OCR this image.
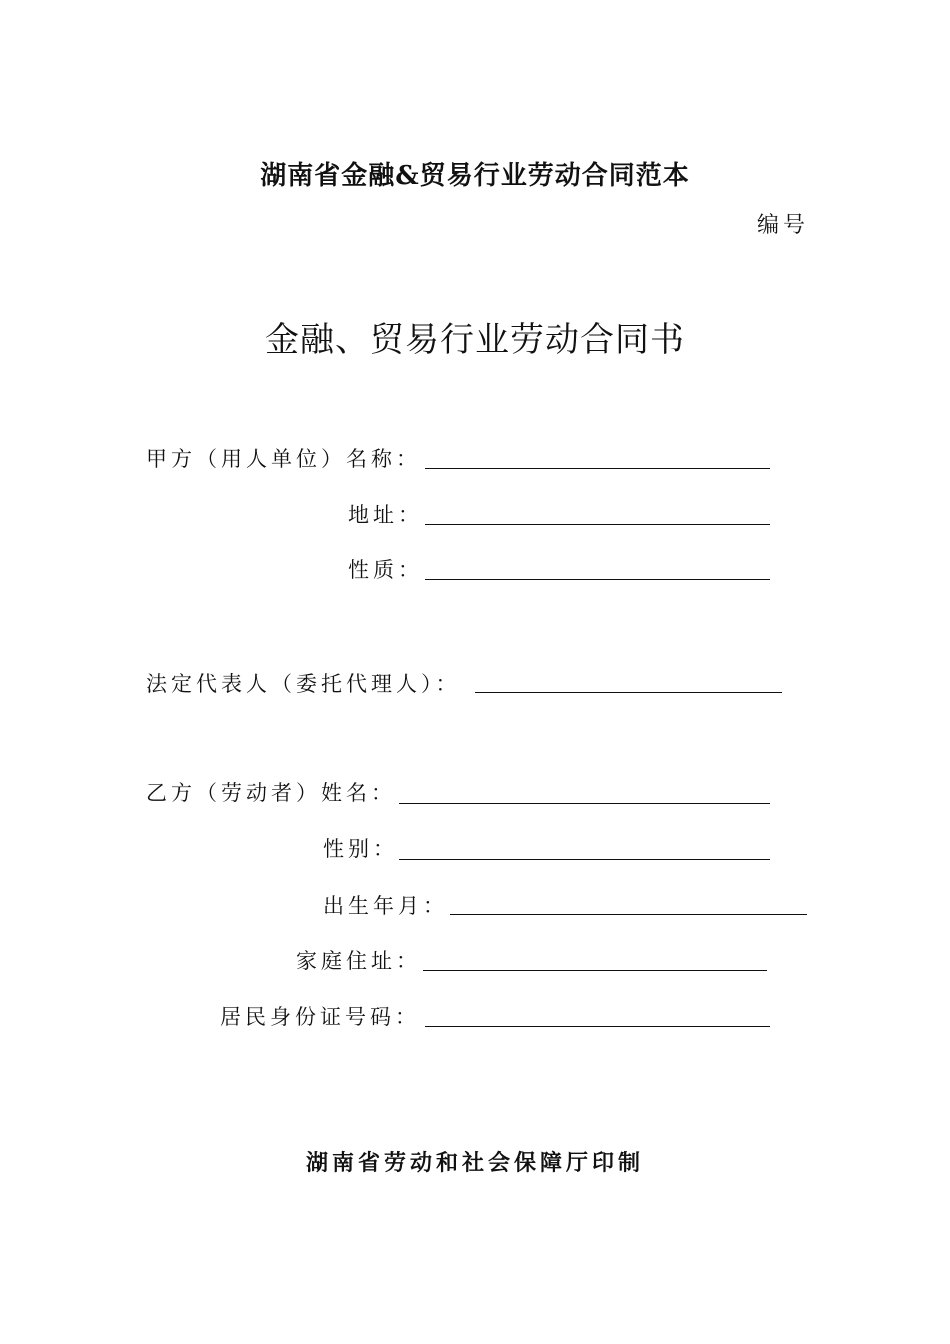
湖南省金融&贸易行业劳动合同范本
编号
金融、贸易行业劳动合同书
甲方（用人单位）名称：
地址：
性质：
法定代表人（委托代理人）：
乙方（劳动者）姓名：
性别：
出生年月：
家庭住址：
居民身份证号码：
湖南省劳动和社会保障厅印制
